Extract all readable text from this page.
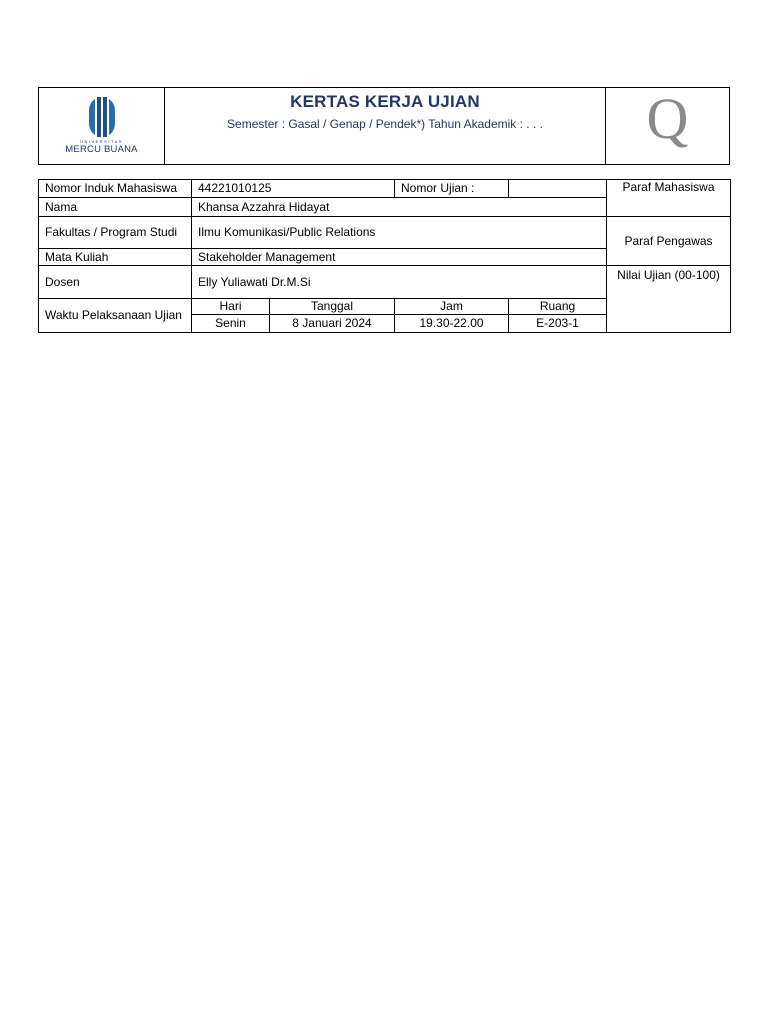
UNIVERSITAS
MERCU BUANA
KERTAS KERJA UJIAN
Semester : Gasal / Genap / Pendek*) Tahun Akademik : . . .	Q
Nomor Induk Mahasiswa	44221010125		Nomor Ujian :		Paraf Mahasiswa
Nama	Khansa Azzahra Hidayat				
Fakultas / Program Studi	Ilmu Komunikasi/Public Relations				Paraf Pengawas
Mata Kuliah	Stakeholder Management				
Dosen	Elly Yuliawati Dr.M.Si				Nilai Ujian (00-100)
Waktu Pelaksanaan Ujian	Hari	Tanggal	Jam	Ruang	
	Senin	8 Januari 2024	19.30-22.00	E-203-1	
